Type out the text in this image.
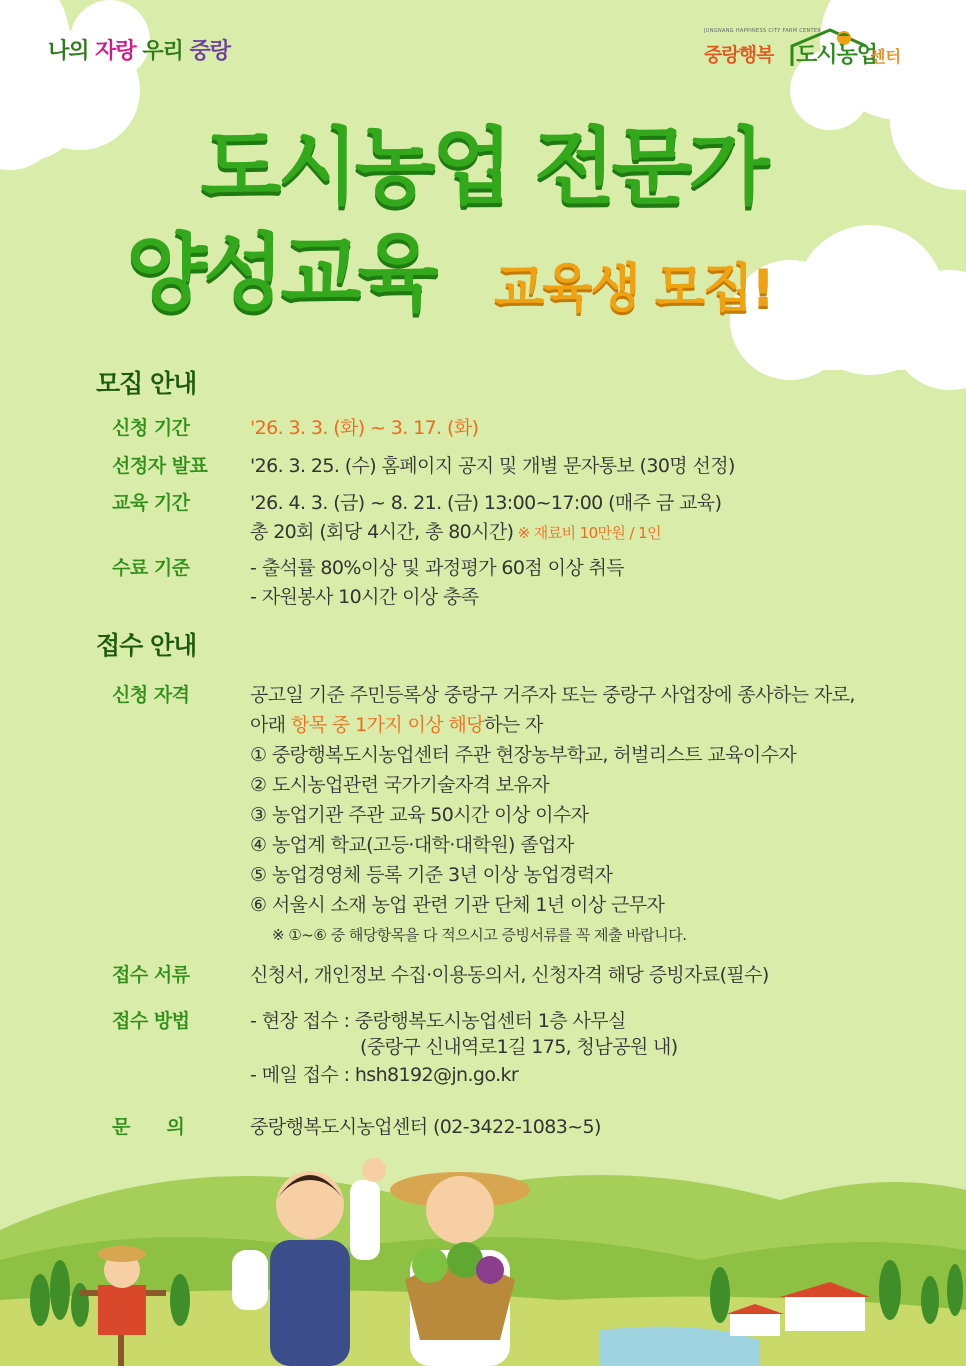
나의 자랑 우리 중랑
JUNGNANG HAPPINESS CITY FARM CENTER
중랑행복 도시농업
센터
도시농업 전문가
양성교육 교육생 모집!
모집 안내
신청 기간	'26. 3. 3. (화) ~ 3. 17. (화)
선정자 발표 '26. 3. 25. (수) 홈페이지 공지 및 개별 문자통보 (30명 선정)
교육 기간	'26. 4. 3. (금) ~ 8. 21. (금) 13:00~17:00 (매주 금 교육)
총 20회 (회당 4시간, 총 80시간) ※ 재료비 10만원 / 1인
수료 기준	- 출석률 80%이상 및 과정평가 60점 이상 취득
- 자원봉사 10시간 이상 충족
접수 안내
신청 자격	공고일 기준 주민등록상 중랑구 거주자 또는 중랑구 사업장에 종사하는 자로,
아래 항목 중 1가지 이상 해당하는 자
① 중랑행복도시농업센터 주관 현장농부학교, 허벌리스트 교육이수자
② 도시농업관련 국가기술자격 보유자
③ 농업기관 주관 교육 50시간 이상 이수자
④ 농업계 학교(고등·대학·대학원) 졸업자
⑤ 농업경영체 등록 기준 3년 이상 농업경력자
⑥ 서울시 소재 농업 관련 기관 단체 1년 이상 근무자
※ ①~⑥ 중 해당항목을 다 적으시고 증빙서류를 꼭 제출 바랍니다.
접수 서류	신청서, 개인정보 수집·이용동의서, 신청자격 해당 증빙자료(필수)
접수 방법	- 현장 접수 : 중랑행복도시농업센터 1층 사무실
(중랑구 신내역로1길 175, 청남공원 내)
- 메일 접수 : hsh8192@jn.go.kr
문      의	중랑행복도시농업센터 (02-3422-1083~5)
